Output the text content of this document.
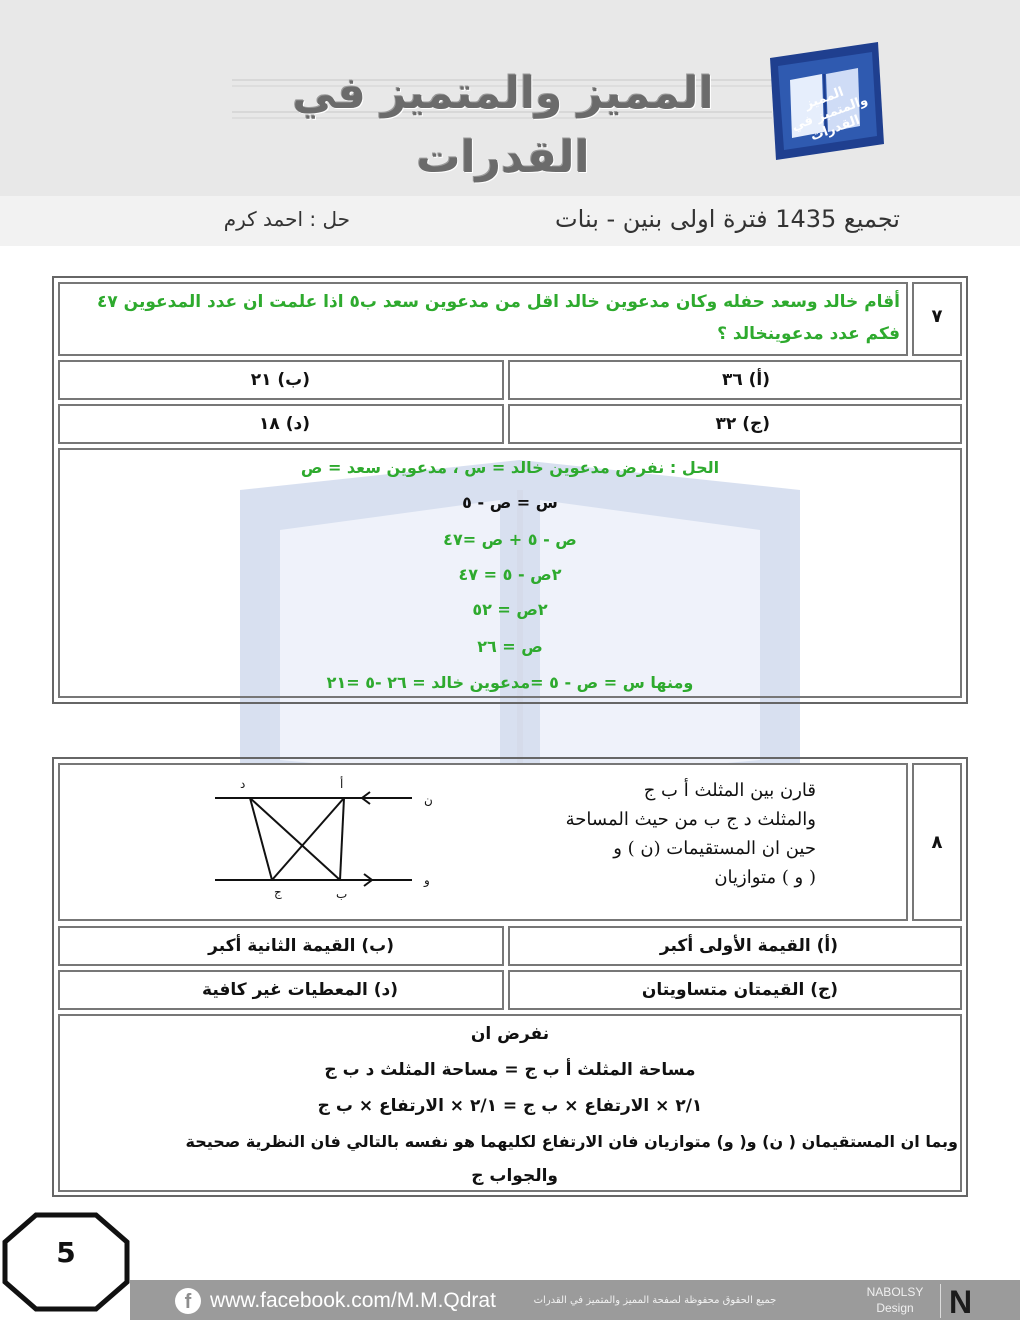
المميز والمتميز في القدرات
المميز والمتميز في القدرات
تجميع 1435 فترة اولى بنين - بنات
حل : احمد كرم
٧
أقام خالد وسعد حفله وكان مدعوين خالد اقل من مدعوين سعد ب٥ اذا علمت ان عدد المدعوين ٤٧ فكم عدد مدعوينخالد ؟
(أ) ٣٦
(ب) ٢١
(ج) ٣٢
(د) ١٨
الحل : نفرض مدعوين خالد = س ، مدعوين سعد = ص
س = ص - ٥
ص - ٥ + ص =٤٧
٢ص - ٥ = ٤٧
٢ص = ٥٢
ص = ٢٦
ومنها س = ص - ٥ =مدعوين خالد = ٢٦ -٥ =٢١
٨
قارن بين المثلث أ ب ج
والمثلث د ج ب من حيث المساحة
حين ان المستقيمات (ن ) و
( و ) متوازيان
د	أ
ن
ج	ب
و
(أ) القيمة الأولى أكبر
(ب) القيمة الثانية أكبر
(ج) القيمتان متساويتان
(د) المعطيات غير كافية
نفرض ان
مساحة المثلث أ ب ج = مساحة المثلث د ب ج
٢/١ × الارتفاع × ب ج = ٢/١ × الارتفاع × ب ج
وبما ان المستقيمان ( ن) و( و) متوازيان فان الارتفاع لكليهما هو نفسه بالتالي فان النظرية صحيحة
والجواب ج
5
f www.facebook.com/M.M.Qdrat	جميع الحقوق محفوظة لصفحة المميز والمتميز في القدرات
NABOLSY
Design	N
